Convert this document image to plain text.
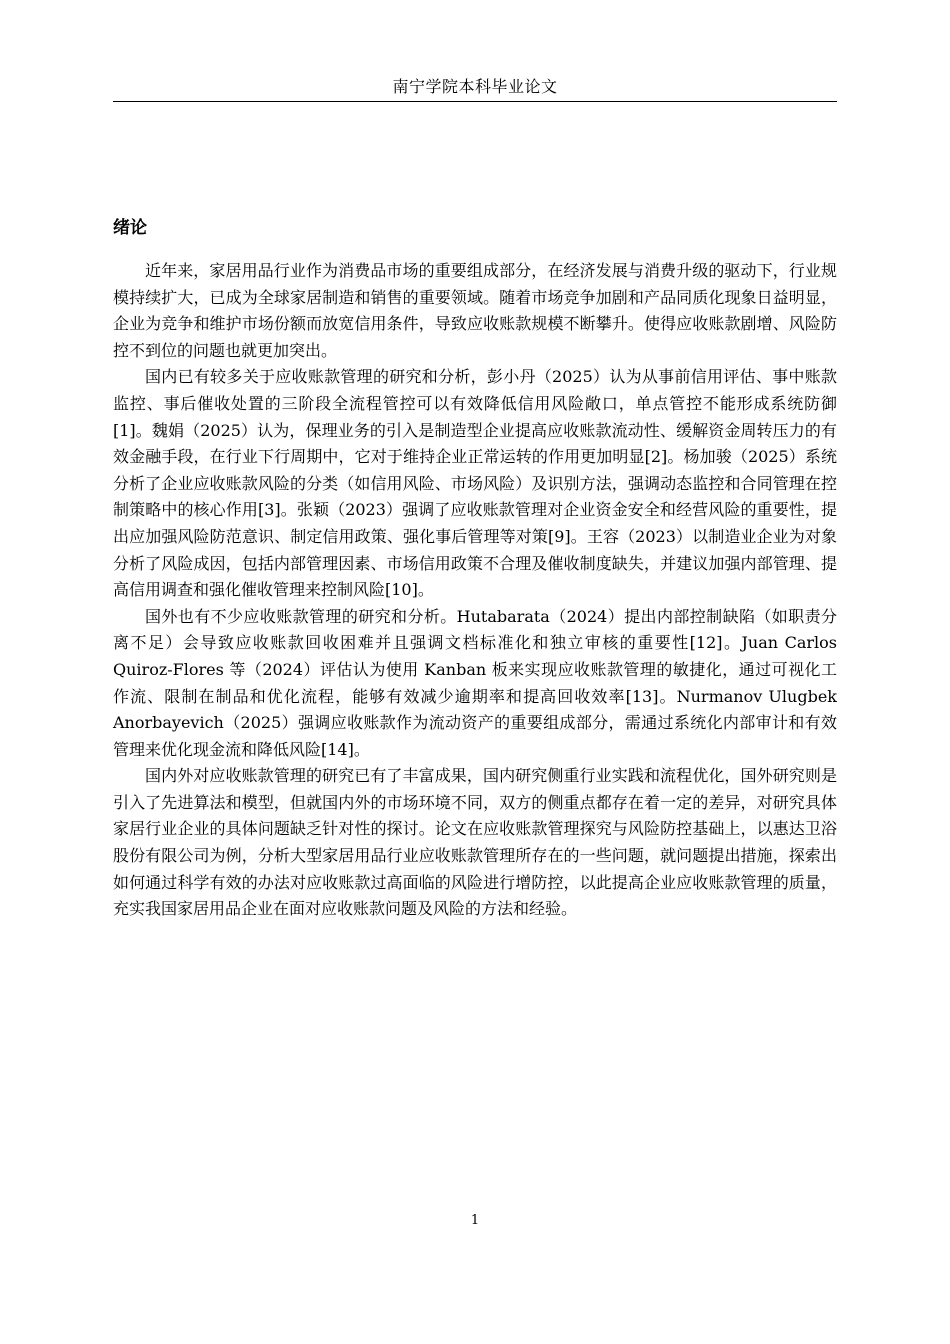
南宁学院本科毕业论文
绪论

近年来，家居用品行业作为消费品市场的重要组成部分，在经济发展与消费升级的驱动下，行业规模持续扩大，已成为全球家居制造和销售的重要领域。随着市场竞争加剧和产品同质化现象日益明显，企业为竞争和维护市场份额而放宽信用条件，导致应收账款规模不断攀升。使得应收账款剧增、风险防控不到位的问题也就更加突出。

国内已有较多关于应收账款管理的研究和分析，彭小丹（2025）认为从事前信用评估、事中账款监控、事后催收处置的三阶段全流程管控可以有效降低信用风险敞口，单点管控不能形成系统防御[1]。魏娟（2025）认为，保理业务的引入是制造型企业提高应收账款流动性、缓解资金周转压力的有效金融手段，在行业下行周期中，它对于维持企业正常运转的作用更加明显[2]。杨加骏（2025）系统分析了企业应收账款风险的分类（如信用风险、市场风险）及识别方法，强调动态监控和合同管理在控制策略中的核心作用[3]。张颖（2023）强调了应收账款管理对企业资金安全和经营风险的重要性，提出应加强风险防范意识、制定信用政策、强化事后管理等对策[9]。王容（2023）以制造业企业为对象分析了风险成因，包括内部管理因素、市场信用政策不合理及催收制度缺失，并建议加强内部管理、提高信用调查和强化催收管理来控制风险[10]。

国外也有不少应收账款管理的研究和分析。Hutabarata（2024）提出内部控制缺陷（如职责分离不足）会导致应收账款回收困难并且强调文档标准化和独立审核的重要性[12]。Juan Carlos Quiroz-Flores 等（2024）评估认为使用 Kanban 板来实现应收账款管理的敏捷化，通过可视化工作流、限制在制品和优化流程，能够有效减少逾期率和提高回收效率[13]。Nurmanov Ulugbek Anorbayevich（2025）强调应收账款作为流动资产的重要组成部分，需通过系统化内部审计和有效管理来优化现金流和降低风险[14]。

国内外对应收账款管理的研究已有了丰富成果，国内研究侧重行业实践和流程优化，国外研究则是引入了先进算法和模型，但就国内外的市场环境不同，双方的侧重点都存在着一定的差异，对研究具体家居行业企业的具体问题缺乏针对性的探讨。论文在应收账款管理探究与风险防控基础上，以惠达卫浴股份有限公司为例，分析大型家居用品行业应收账款管理所存在的一些问题，就问题提出措施，探索出如何通过科学有效的办法对应收账款过高面临的风险进行增防控，以此提高企业应收账款管理的质量，充实我国家居用品企业在面对应收账款问题及风险的方法和经验。

1
